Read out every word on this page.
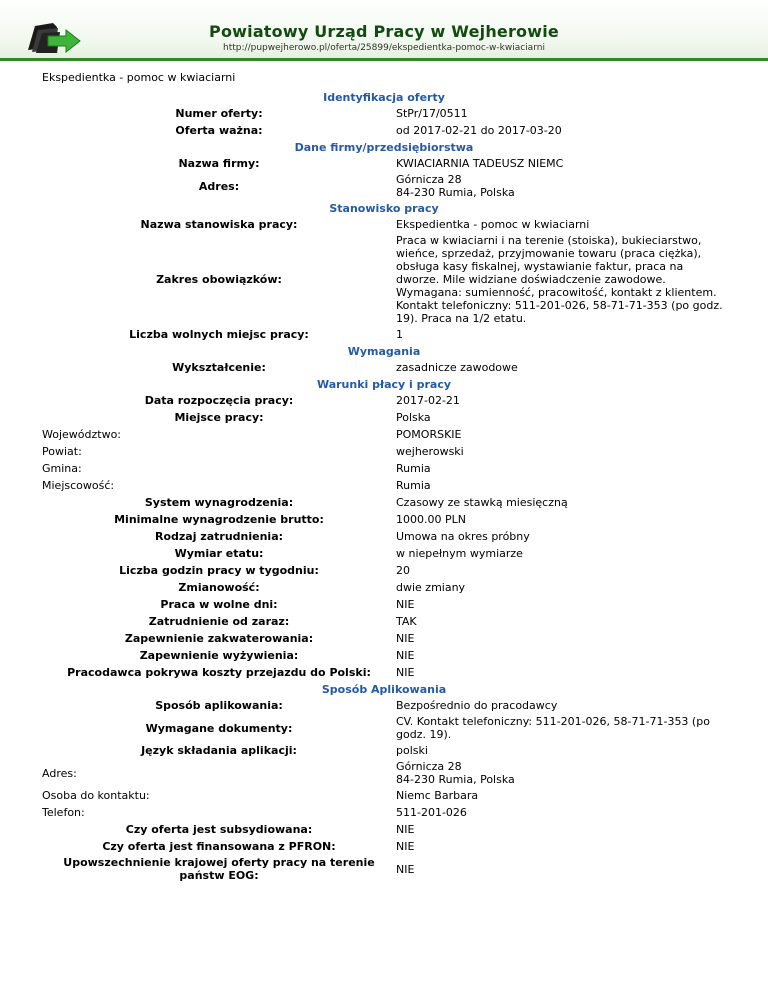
Powiatowy Urząd Pracy w Wejherowie
http://pupwejherowo.pl/oferta/25899/ekspedientka-pomoc-w-kwiaciarni
Ekspedientka - pomoc w kwiaciarni
Identyfikacja oferty	
Numer oferty:	StPr/17/0511
Oferta ważna:	od 2017-02-21 do 2017-03-20
Dane firmy/przedsiębiorstwa	
Nazwa firmy:	KWIACIARNIA TADEUSZ NIEMC
Adres:	Górnicza 28
84-230 Rumia, Polska

Stanowisko pracy	
Nazwa stanowiska pracy:	Ekspedientka - pomoc w kwiaciarni
Zakres obowiązków:	Praca w kwiaciarni i na terenie (stoiska), bukieciarstwo, wieńce, sprzedaż, przyjmowanie towaru (praca ciężka), obsługa kasy fiskalnej, wystawianie faktur, praca na dworze. Mile widziane doświadczenie zawodowe. Wymagana: sumienność, pracowitość, kontakt z klientem. Kontakt telefoniczny: 511-201-026, 58-71-71-353 (po godz. 19). Praca na 1/2 etatu.
Liczba wolnych miejsc pracy:	1
Wymagania	
Wykształcenie:	zasadnicze zawodowe
Warunki płacy i pracy	
Data rozpoczęcia pracy:	2017-02-21
Miejsce pracy:	Polska
Województwo:	POMORSKIE
Powiat:	wejherowski
Gmina:	Rumia
Miejscowość:	Rumia
System wynagrodzenia:	Czasowy ze stawką miesięczną
Minimalne wynagrodzenie brutto:	1000.00 PLN
Rodzaj zatrudnienia:	Umowa na okres próbny
Wymiar etatu:	w niepełnym wymiarze
Liczba godzin pracy w tygodniu:	20
Zmianowość:	dwie zmiany
Praca w wolne dni:	NIE
Zatrudnienie od zaraz:	TAK
Zapewnienie zakwaterowania:	NIE
Zapewnienie wyżywienia:	NIE
Pracodawca pokrywa koszty przejazdu do Polski:	NIE
Sposób Aplikowania	
Sposób aplikowania:	Bezpośrednio do pracodawcy
Wymagane dokumenty:	CV. Kontakt telefoniczny: 511-201-026, 58-71-71-353 (po godz. 19).
Język składania aplikacji:	polski
Adres:	Górnicza 28
84-230 Rumia, Polska

Osoba do kontaktu:	Niemc Barbara
Telefon:	511-201-026
Czy oferta jest subsydiowana:	NIE
Czy oferta jest finansowana z PFRON:	NIE
Upowszechnienie krajowej oferty pracy na terenie państw EOG:	NIE
